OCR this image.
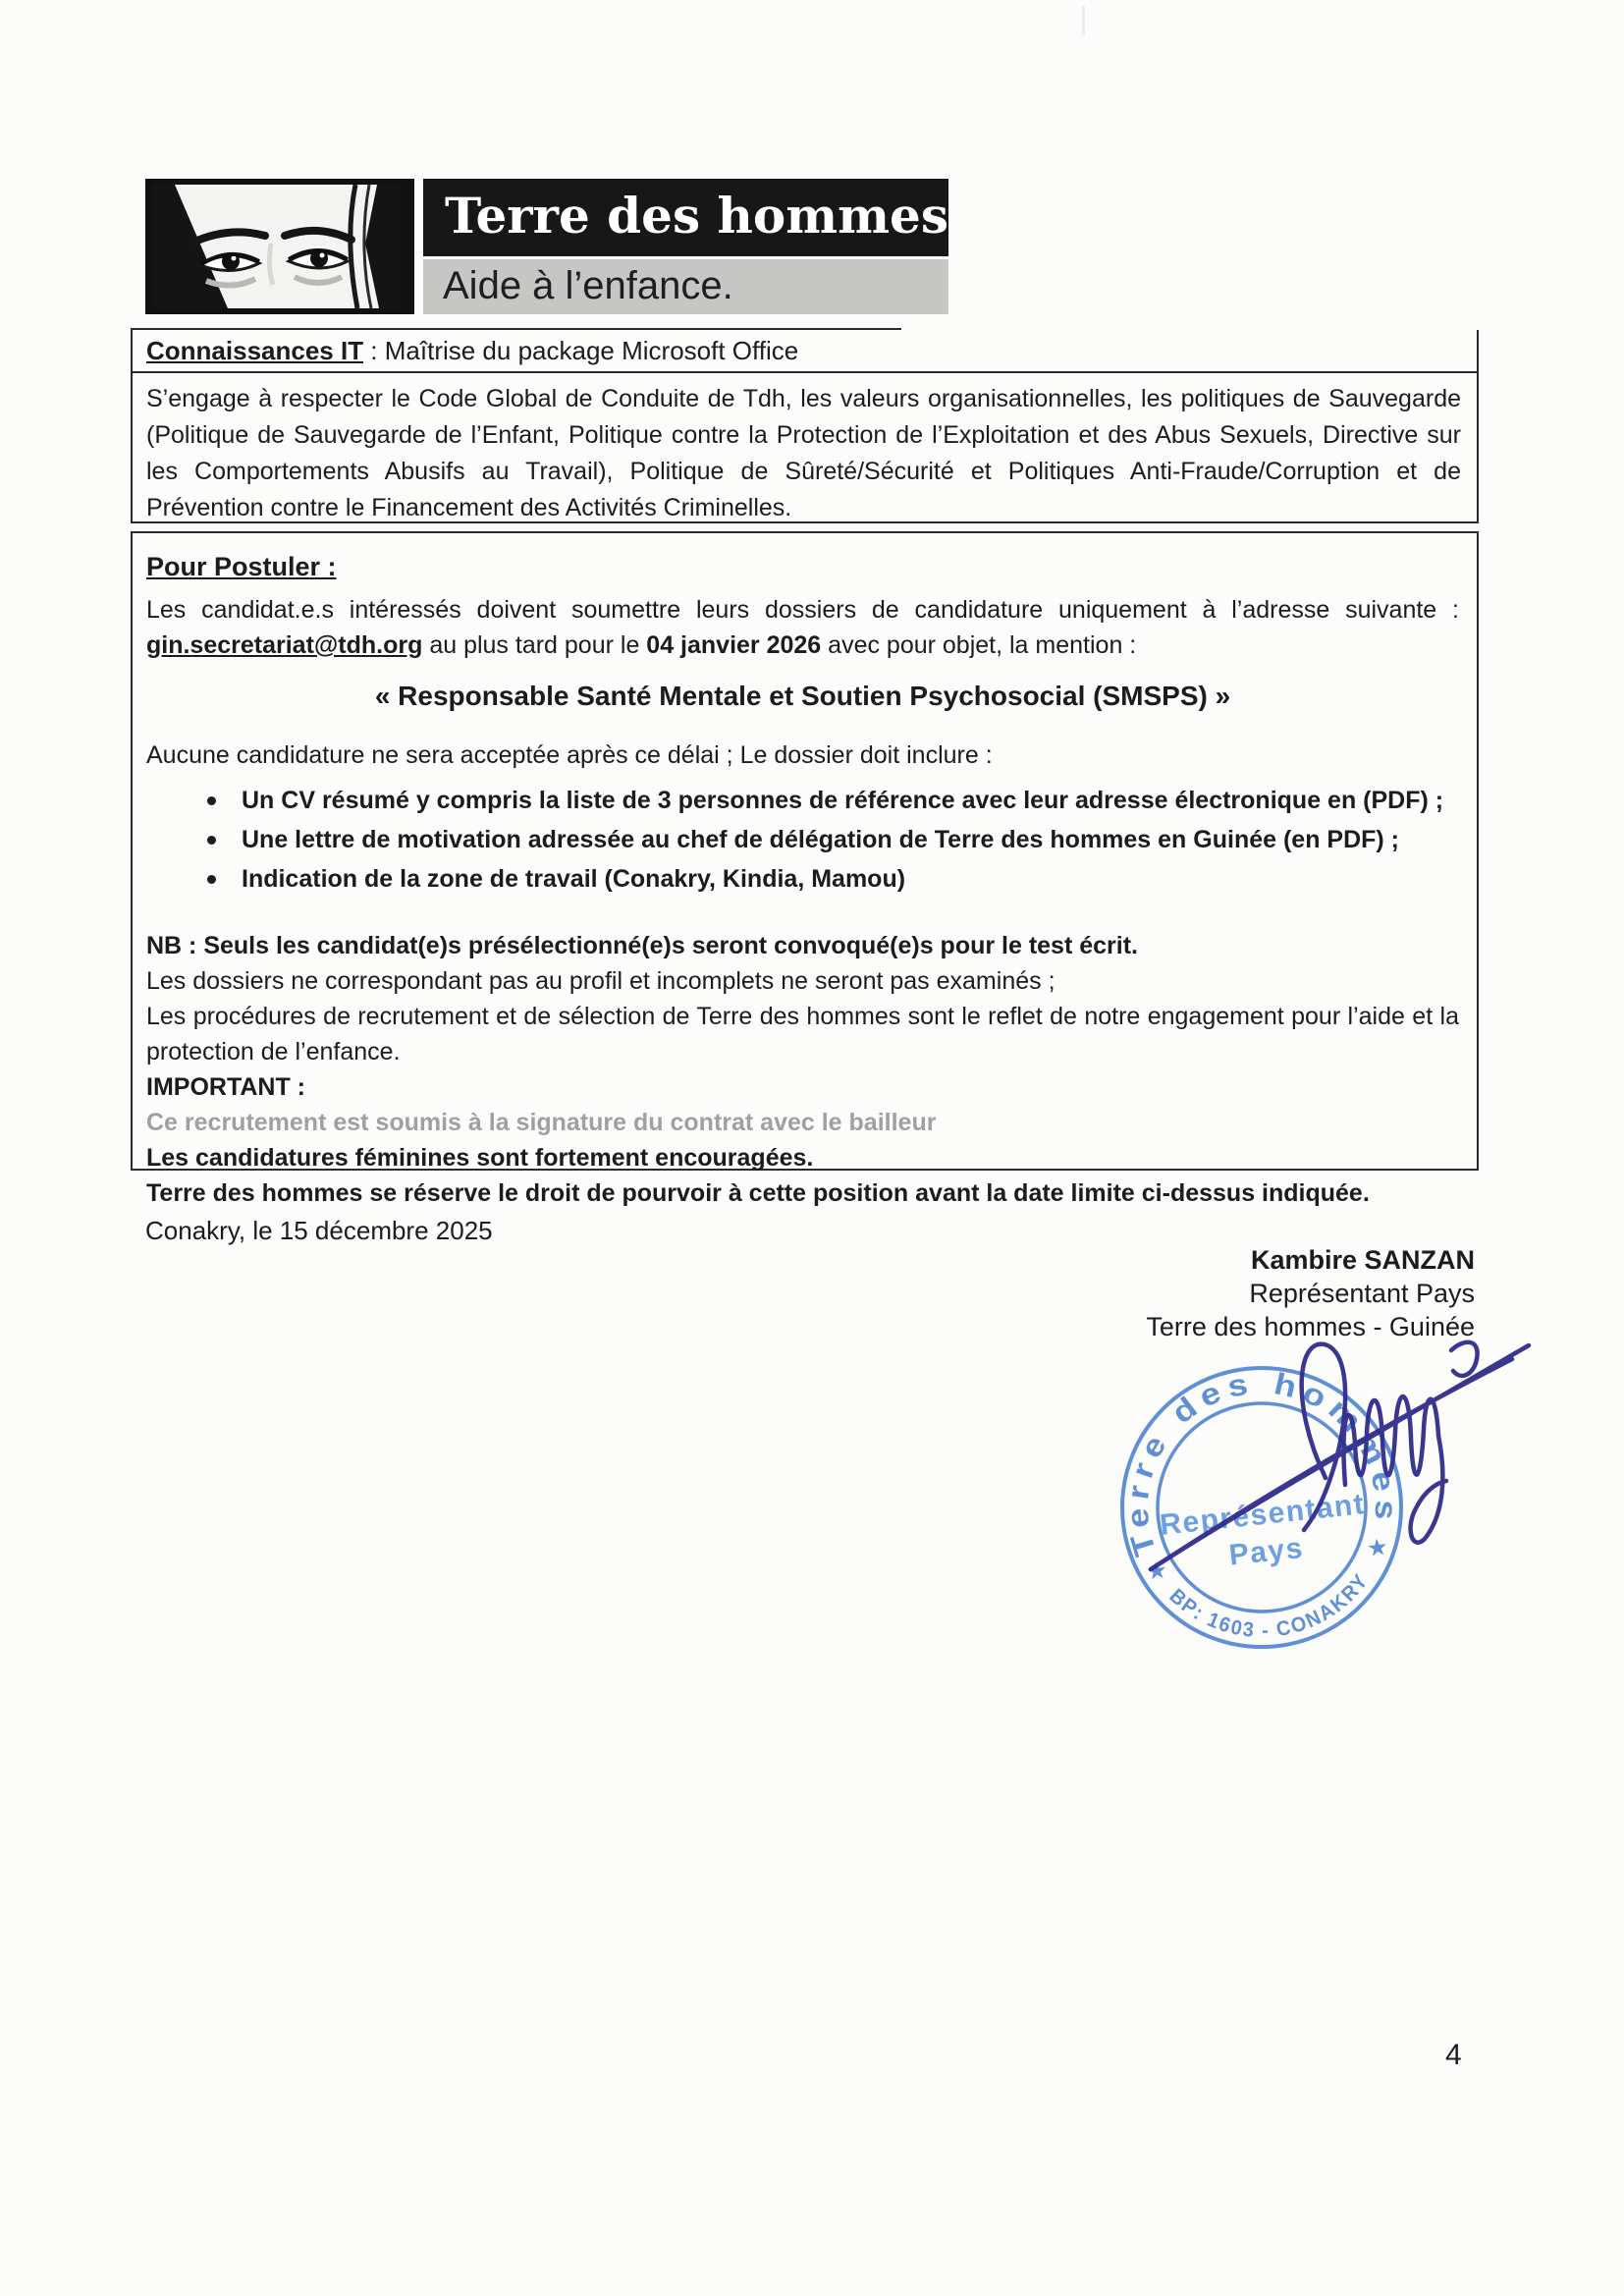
Terre des hommes
Aide à l’enfance.
Connaissances IT : Maîtrise du package Microsoft Office
S’engage à respecter le Code Global de Conduite de Tdh, les valeurs organisationnelles, les politiques de Sauvegarde (Politique de Sauvegarde de l’Enfant, Politique contre la Protection de l’Exploitation et des Abus Sexuels, Directive sur les Comportements Abusifs au Travail), Politique de Sûreté/Sécurité et Politiques Anti-Fraude/Corruption et de Prévention contre le Financement des Activités Criminelles.
Pour Postuler :
Les candidat.e.s intéressés doivent soumettre leurs dossiers de candidature uniquement à l’adresse suivante :
gin.secretariat@tdh.org au plus tard pour le 04 janvier 2026 avec pour objet, la mention :
« Responsable Santé Mentale et Soutien Psychosocial (SMSPS) »
Aucune candidature ne sera acceptée après ce délai ; Le dossier doit inclure :
Un CV résumé y compris la liste de 3 personnes de référence avec leur adresse électronique en (PDF) ;
Une lettre de motivation adressée au chef de délégation de Terre des hommes en Guinée (en PDF) ;
Indication de la zone de travail (Conakry, Kindia, Mamou)
NB : Seuls les candidat(e)s présélectionné(e)s seront convoqué(e)s pour le test écrit.
Les dossiers ne correspondant pas au profil et incomplets ne seront pas examinés ;
Les procédures de recrutement et de sélection de Terre des hommes sont le reflet de notre engagement pour l’aide et la protection de l’enfance.
IMPORTANT :
Ce recrutement est soumis à la signature du contrat avec le bailleur
Les candidatures féminines sont fortement encouragées.
Terre des hommes se réserve le droit de pourvoir à cette position avant la date limite ci-dessus indiquée.
Conakry, le 15 décembre 2025
Kambire SANZAN
Représentant Pays
Terre des hommes - Guinée
Terre des hommes
BP: 1603 - CONAKRY
★
★
Représentant
Pays
4
